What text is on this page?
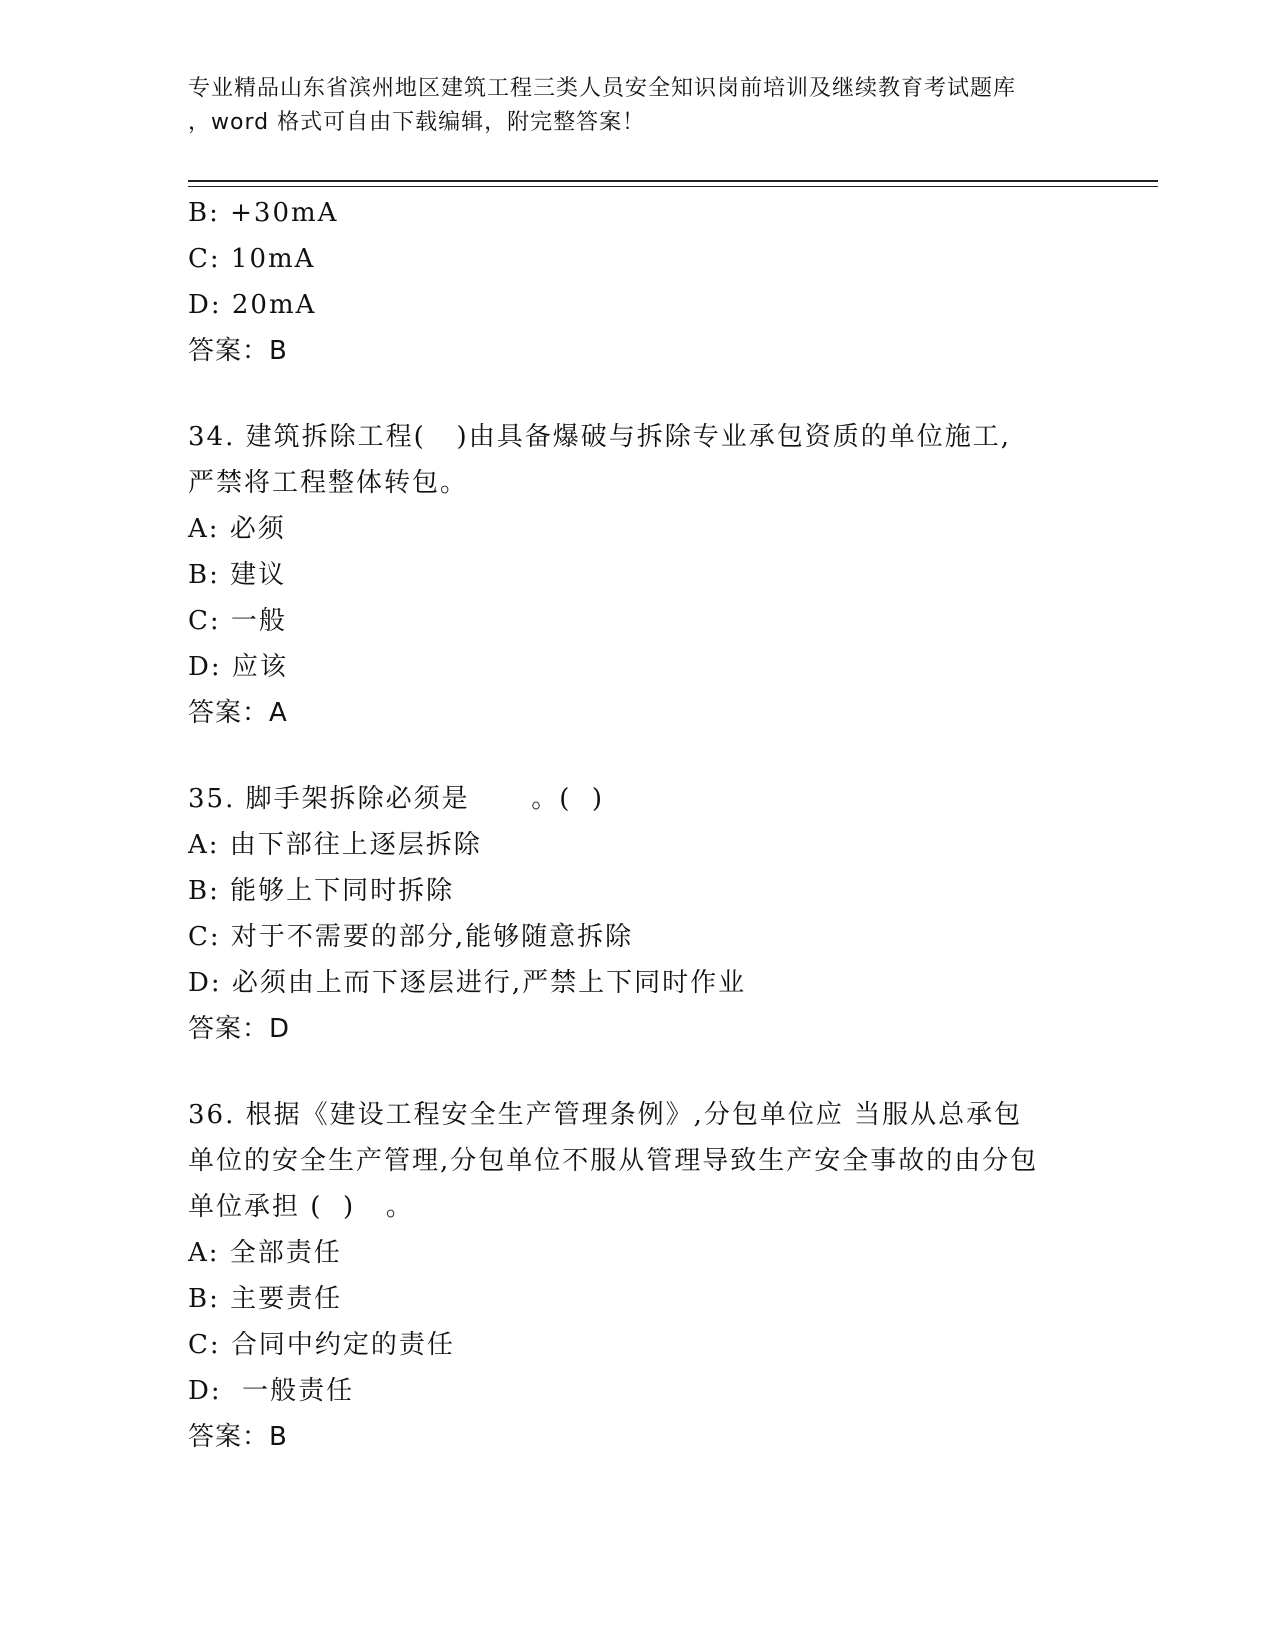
专业精品山东省滨州地区建筑工程三类人员安全知识岗前培训及继续教育考试题库
，word 格式可自由下载编辑，附完整答案！
B: +30mA
C: 10mA
D: 20mA
答案：B
34. 建筑拆除工程(   )由具备爆破与拆除专业承包资质的单位施工,
严禁将工程整体转包。
A: 必须
B: 建议
C: 一般
D: 应该
答案：A
35. 脚手架拆除必须是      。(  )
A: 由下部往上逐层拆除
B: 能够上下同时拆除
C: 对于不需要的部分,能够随意拆除
D: 必须由上而下逐层进行,严禁上下同时作业
答案：D
36. 根据《建设工程安全生产管理条例》,分包单位应 当服从总承包
单位的安全生产管理,分包单位不服从管理导致生产安全事故的由分包
单位承担 (  )   。
A: 全部责任
B: 主要责任
C: 合同中约定的责任
D:  一般责任
答案：B
